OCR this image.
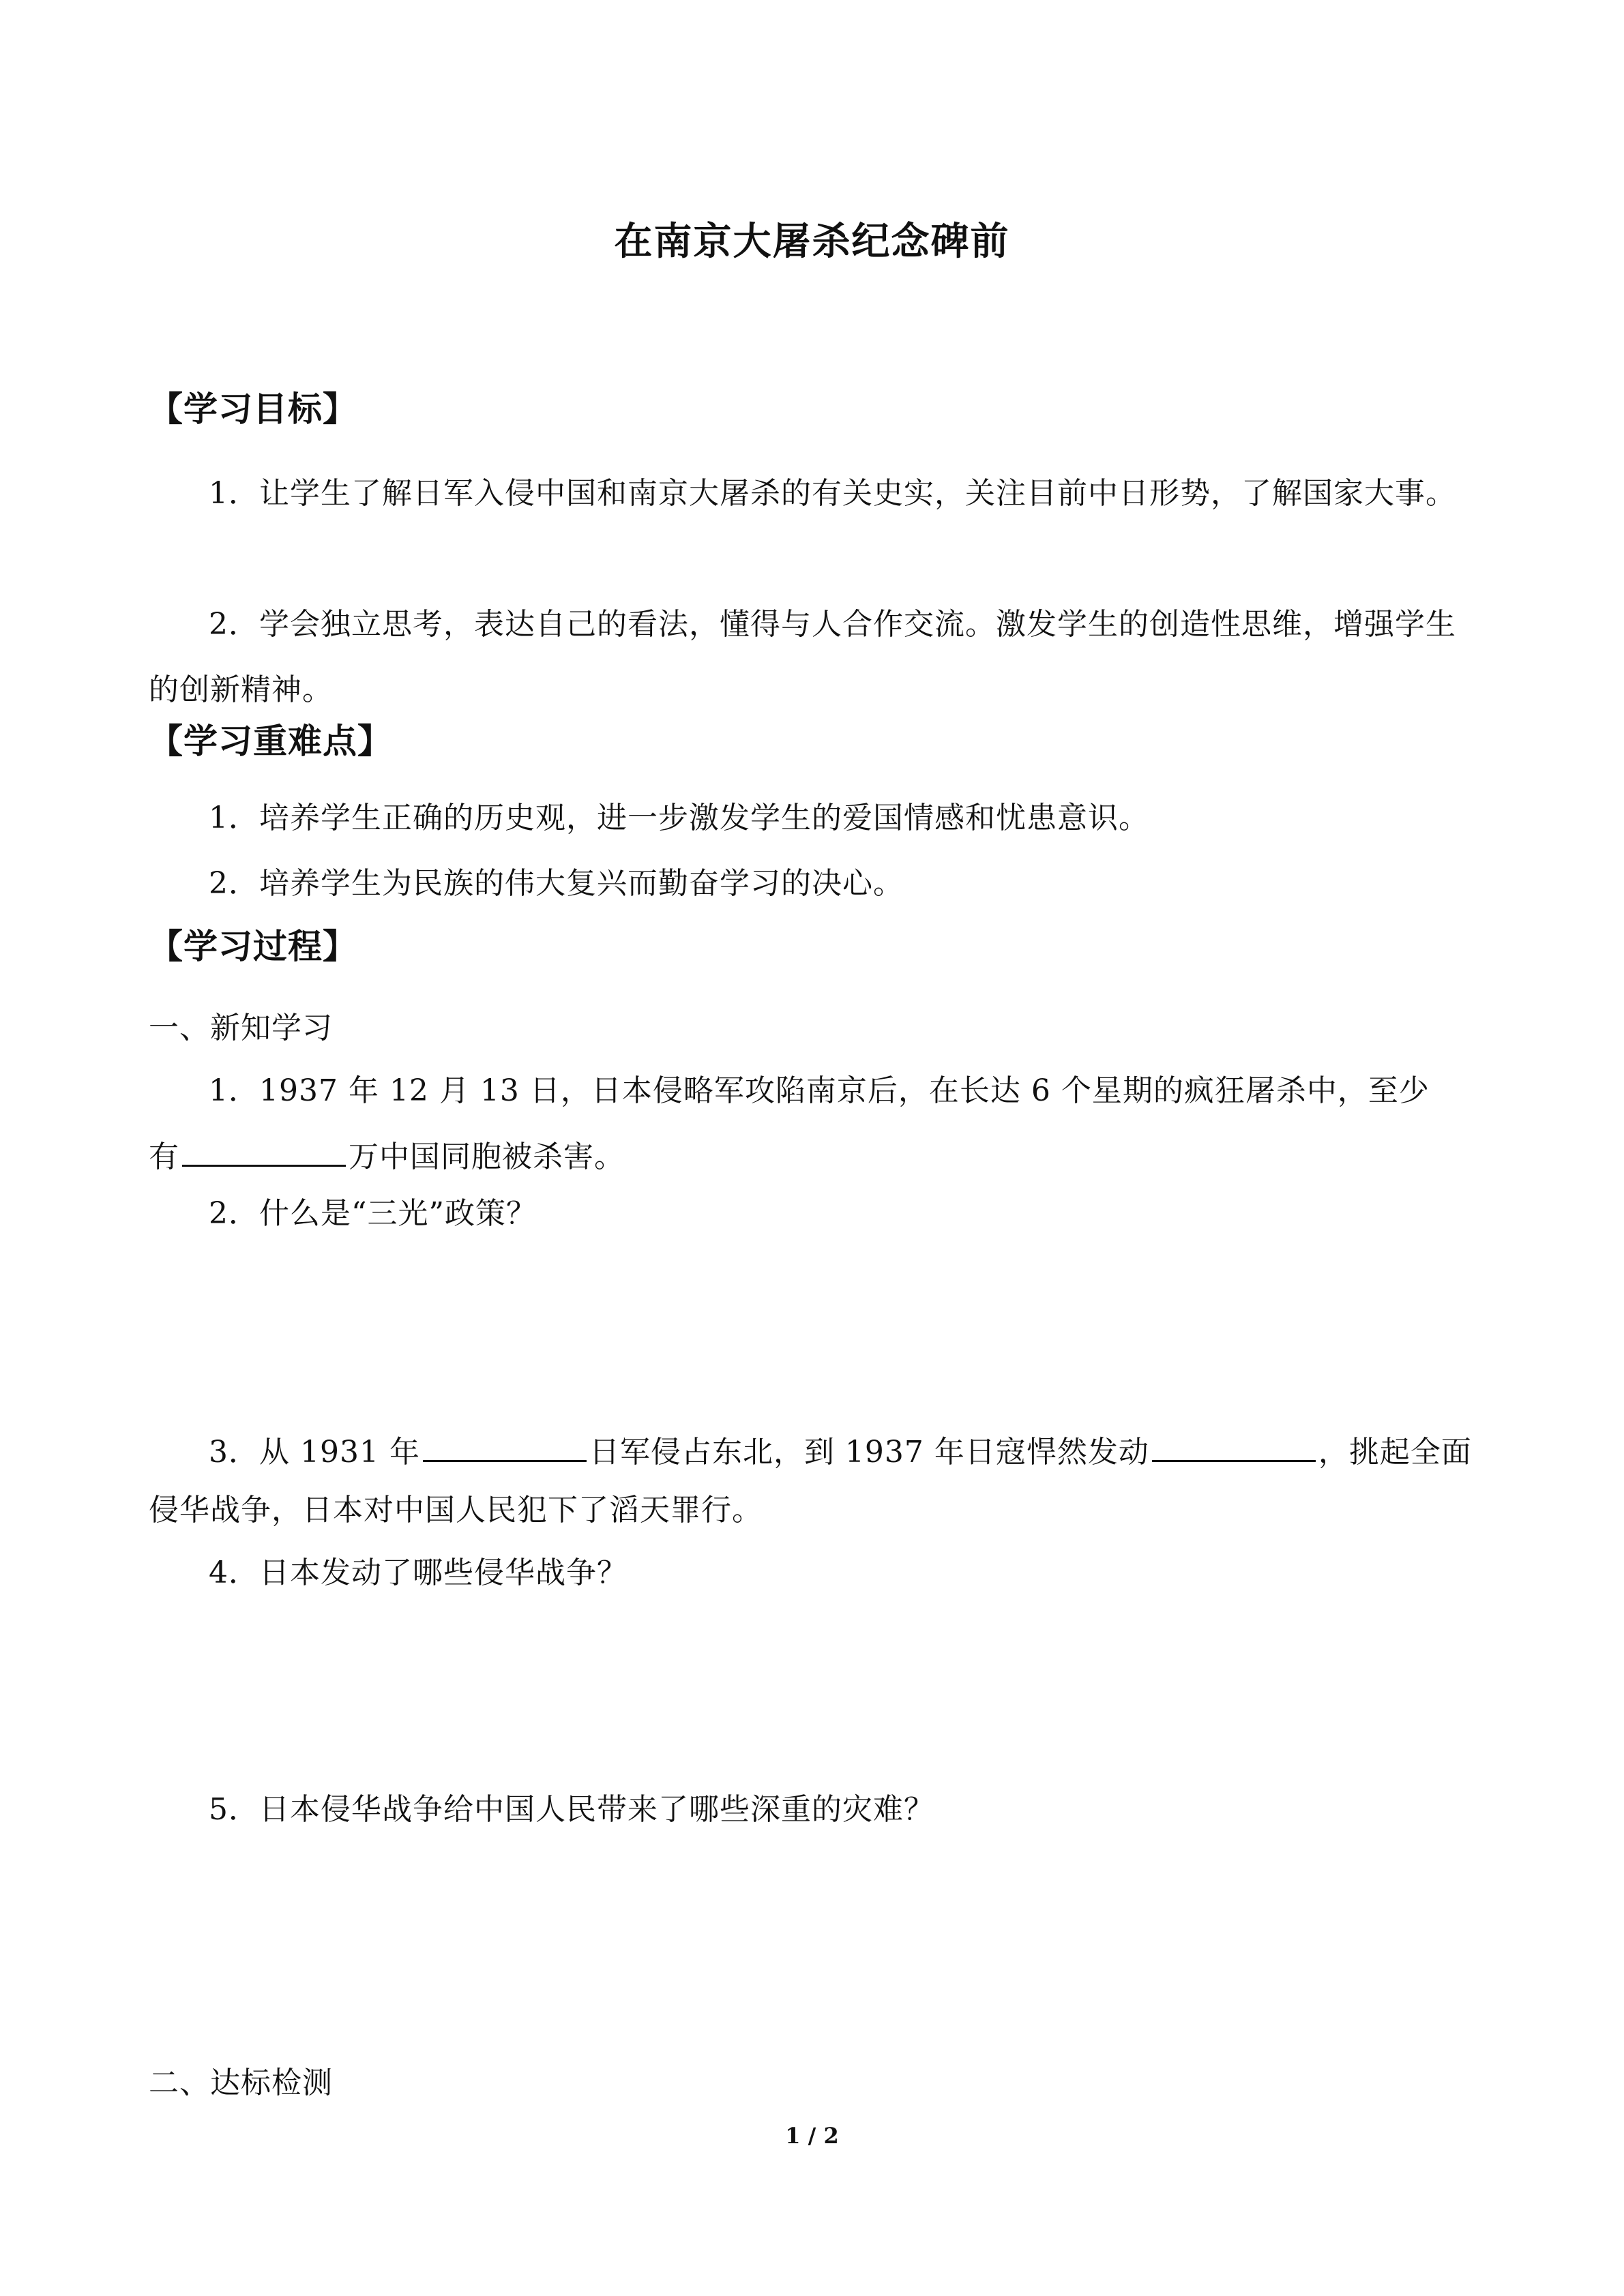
在南京大屠杀纪念碑前
【学习目标】
1．让学生了解日军入侵中国和南京大屠杀的有关史实，关注目前中日形势，了解国家大事。
2．学会独立思考，表达自己的看法，懂得与人合作交流。激发学生的创造性思维，增强学生的创新精神。
【学习重难点】
1．培养学生正确的历史观，进一步激发学生的爱国情感和忧患意识。
2．培养学生为民族的伟大复兴而勤奋学习的决心。
【学习过程】
一、新知学习
1．1937 年 12 月 13 日，日本侵略军攻陷南京后，在长达 6 个星期的疯狂屠杀中，至少
有	万中国同胞被杀害。
2．什么是“三光”政策？
3．从 1931 年	日军侵占东北，到 1937 年日寇悍然发动	，挑起全面
侵华战争，日本对中国人民犯下了滔天罪行。
4．日本发动了哪些侵华战争？
5．日本侵华战争给中国人民带来了哪些深重的灾难？
二、达标检测
1 / 2
